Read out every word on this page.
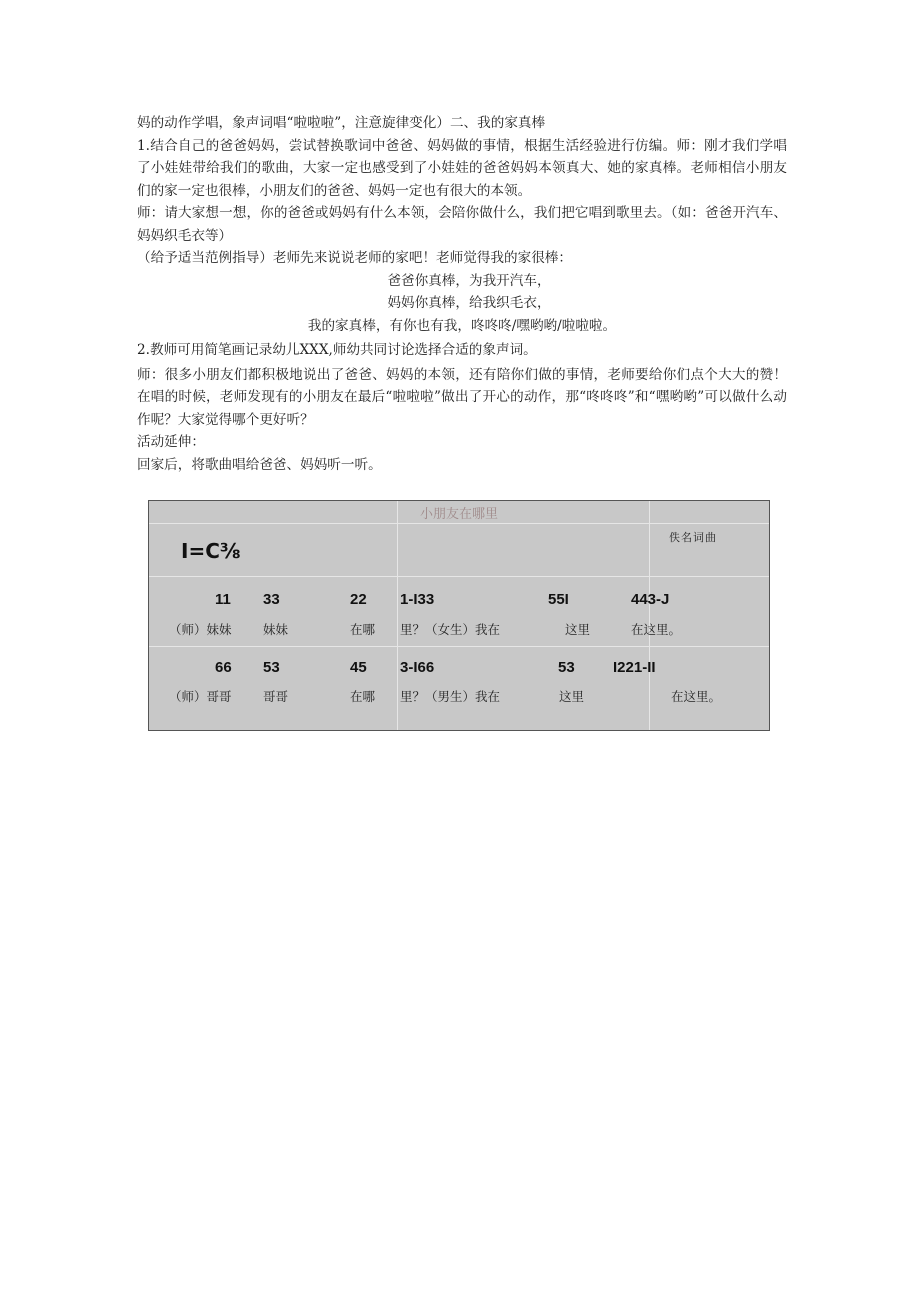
妈的动作学唱，象声词唱“啦啦啦”，注意旋律变化）二、我的家真棒

1.结合自己的爸爸妈妈，尝试替换歌词中爸爸、妈妈做的事情，根据生活经验进行仿编。师：刚才我们学唱了小娃娃带给我们的歌曲，大家一定也感受到了小娃娃的爸爸妈妈本领真大、她的家真棒。老师相信小朋友们的家一定也很棒，小朋友们的爸爸、妈妈一定也有很大的本领。

师：请大家想一想，你的爸爸或妈妈有什么本领，会陪你做什么，我们把它唱到歌里去。（如：爸爸开汽车、妈妈织毛衣等）

（给予适当范例指导）老师先来说说老师的家吧！老师觉得我的家很棒：

爸爸你真棒，为我开汽车，

妈妈你真棒，给我织毛衣，

我的家真棒，有你也有我，咚咚咚/嘿哟哟/啦啦啦。

2.教师可用简笔画记录幼儿XXX,师幼共同讨论选择合适的象声词。

师：很多小朋友们都积极地说出了爸爸、妈妈的本领，还有陪你们做的事情，老师要给你们点个大大的赞！在唱的时候，老师发现有的小朋友在最后“啦啦啦”做出了开心的动作，那“咚咚咚”和“嘿哟哟”可以做什么动作呢？大家觉得哪个更好听？

活动延伸：

回家后，将歌曲唱给爸爸、妈妈听一听。

小朋友在哪里
佚名词曲
I=C⅜
11 33	22 1-I33	55I	443-J
（师）妹妹	妹妹	在哪 里？（女生）我在	这里	在这里。
66 53	45 3-I66	53	I221-II
（师）哥哥	哥哥	在哪 里？（男生）我在	这里	在这里。
